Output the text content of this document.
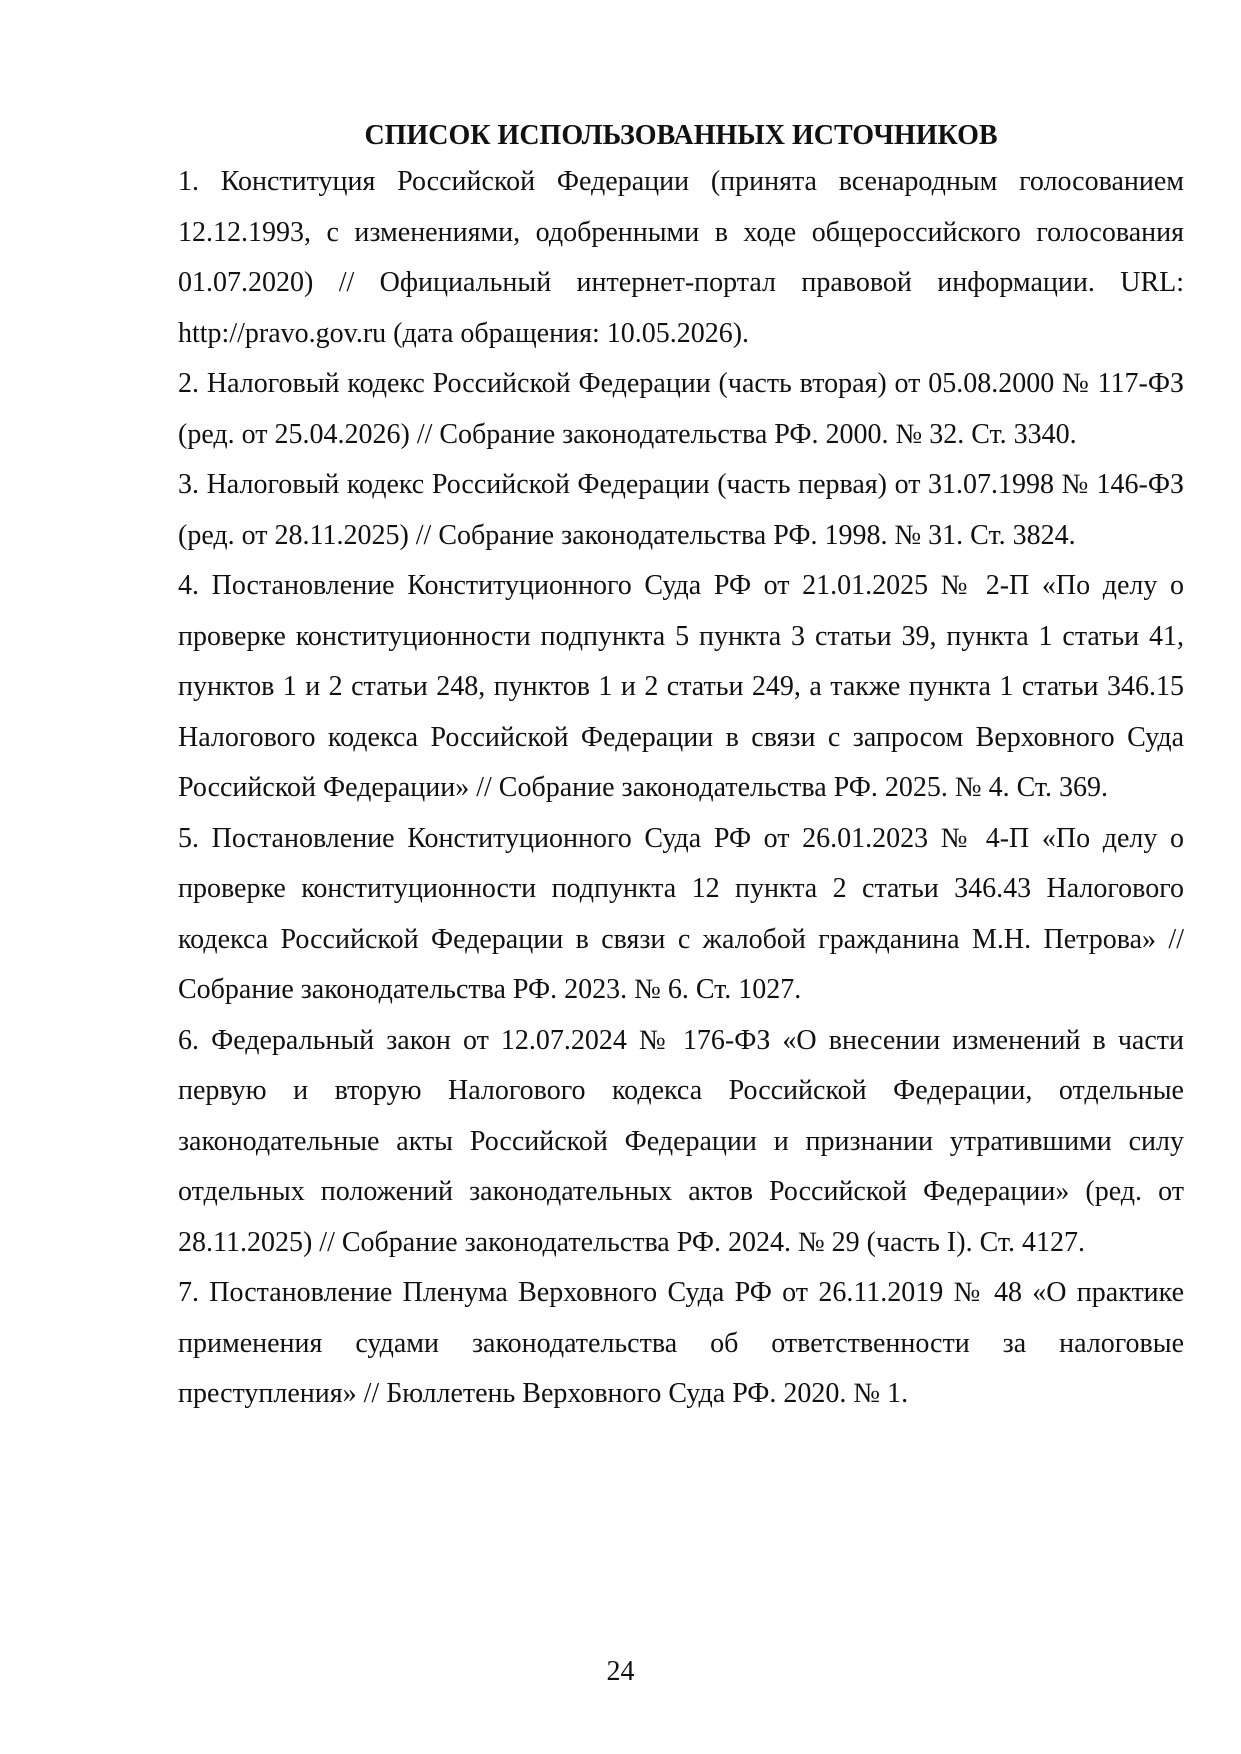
СПИСОК ИСПОЛЬЗОВАННЫХ ИСТОЧНИКОВ
1. Конституция Российской Федерации (принята всенародным голосованием 12.12.1993, с изменениями, одобренными в ходе общероссийского голосования 01.07.2020) // Официальный интернет-портал правовой информации. URL: http://pravo.gov.ru (дата обращения: 10.05.2026).
2. Налоговый кодекс Российской Федерации (часть вторая) от 05.08.2000 № 117-ФЗ (ред. от 25.04.2026) // Собрание законодательства РФ. 2000. № 32. Ст. 3340.
3. Налоговый кодекс Российской Федерации (часть первая) от 31.07.1998 № 146-ФЗ (ред. от 28.11.2025) // Собрание законодательства РФ. 1998. № 31. Ст. 3824.
4. Постановление Конституционного Суда РФ от 21.01.2025 № 2-П «По делу о проверке конституционности подпункта 5 пункта 3 статьи 39, пункта 1 статьи 41, пунктов 1 и 2 статьи 248, пунктов 1 и 2 статьи 249, а также пункта 1 статьи 346.15 Налогового кодекса Российской Федерации в связи с запросом Верховного Суда Российской Федерации» // Собрание законодательства РФ. 2025. № 4. Ст. 369.
5. Постановление Конституционного Суда РФ от 26.01.2023 № 4-П «По делу о проверке конституционности подпункта 12 пункта 2 статьи 346.43 Налогового кодекса Российской Федерации в связи с жалобой гражданина М.Н. Петрова» // Собрание законодательства РФ. 2023. № 6. Ст. 1027.
6. Федеральный закон от 12.07.2024 № 176-ФЗ «О внесении изменений в части первую и вторую Налогового кодекса Российской Федерации, отдельные законодательные акты Российской Федерации и признании утратившими силу отдельных положений законодательных актов Российской Федерации» (ред. от 28.11.2025) // Собрание законодательства РФ. 2024. № 29 (часть I). Ст. 4127.
7. Постановление Пленума Верховного Суда РФ от 26.11.2019 № 48 «О практике применения судами законодательства об ответственности за налоговые преступления» // Бюллетень Верховного Суда РФ. 2020. № 1.
24
